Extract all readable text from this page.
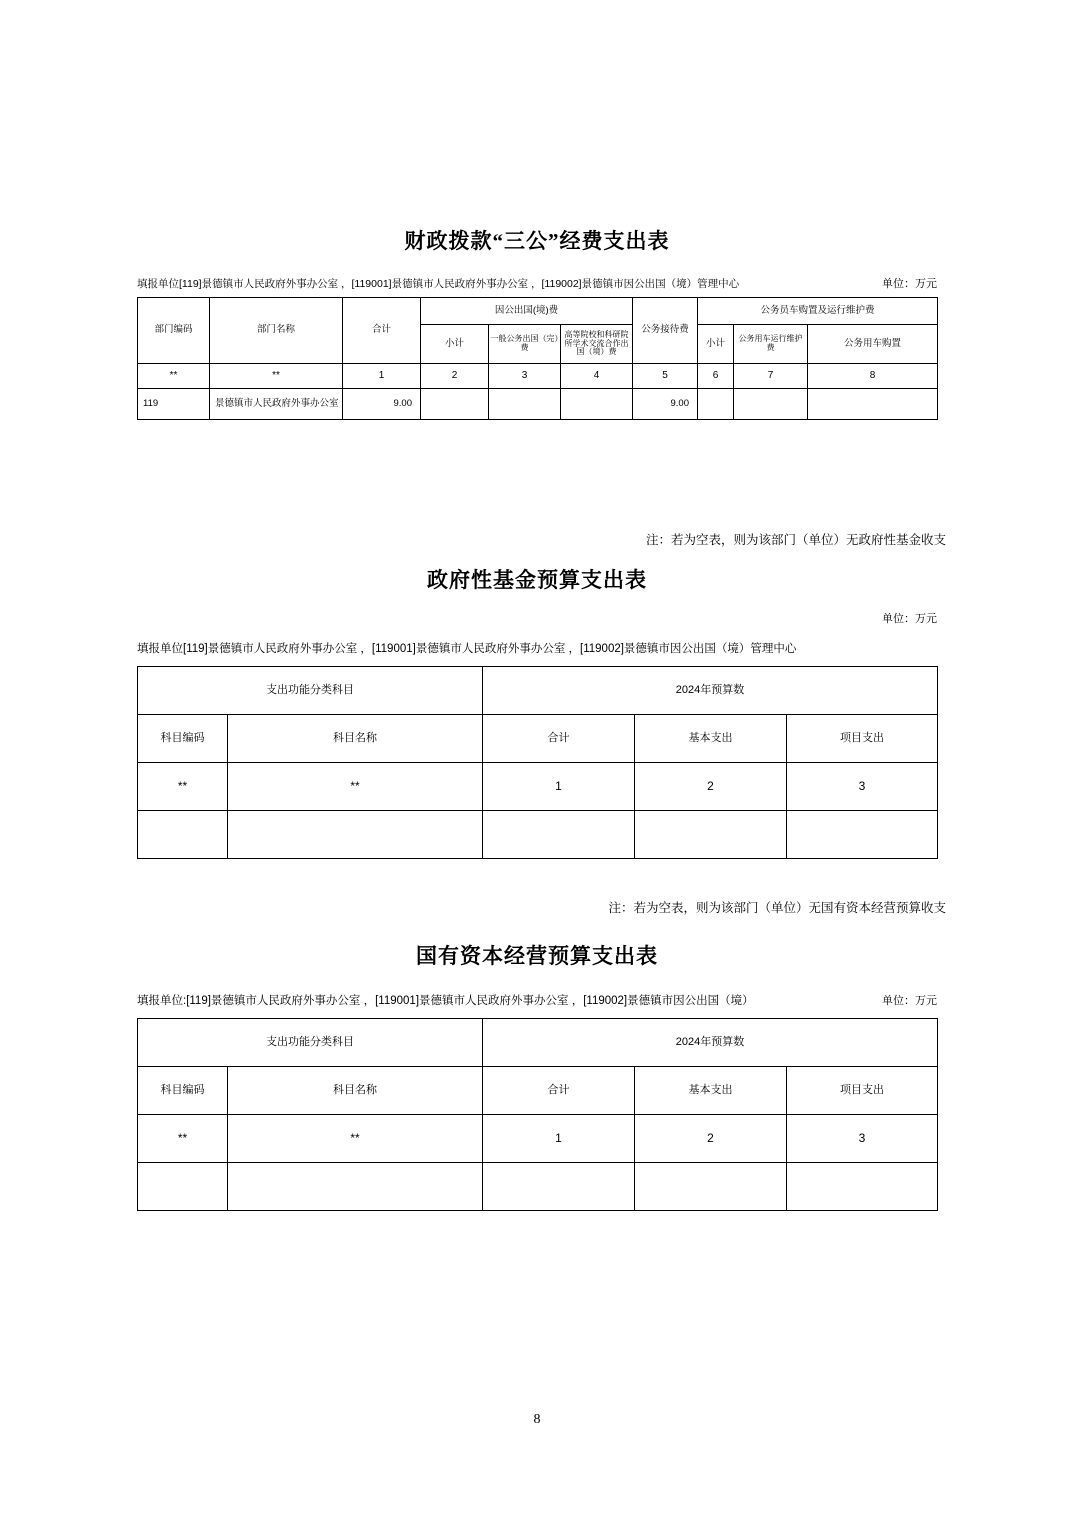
财政拨款“三公”经费支出表
填报单位[119]景德镇市人民政府外事办公室 ，[119001]景德镇市人民政府外事办公室 ，[119002]景德镇市因公出国（境）管理中心	单位：万元
部门编码	部门名称	合计	因公出国(境)费			公务接待费	公务员车购置及运行维护费		
			小计	一般公务出国（完）费	高等院校和科研院所学术交流合作出国（境）费		小计	公务用车运行维护费	公务用车购置
**	**	1	2	3	4	5	6	7	8
119	景德镇市人民政府外事办公室	9.00				9.00			
注：若为空表，则为该部门（单位）无政府性基金收支
政府性基金预算支出表
单位：万元
填报单位[119]景德镇市人民政府外事办公室 ，[119001]景德镇市人民政府外事办公室 ，[119002]景德镇市因公出国（境）管理中心
支出功能分类科目		2024年预算数		
科目编码	科目名称	合计	基本支出	项目支出
**	**	1	2	3

注：若为空表，则为该部门（单位）无国有资本经营预算收支
国有资本经营预算支出表
填报单位:[119]景德镇市人民政府外事办公室 ，[119001]景德镇市人民政府外事办公室 ，[119002]景德镇市因公出国（境）	单位：万元
支出功能分类科目		2024年预算数		
科目编码	科目名称	合计	基本支出	项目支出
**	**	1	2	3

8
